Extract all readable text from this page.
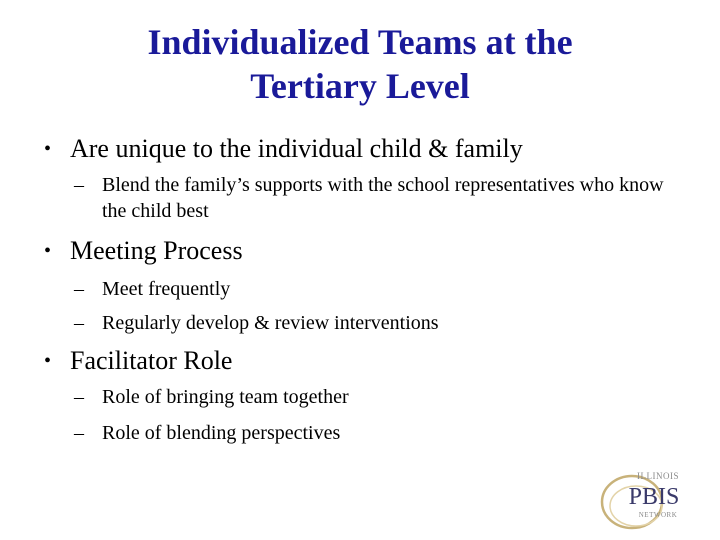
Individualized Teams at the
Tertiary Level
• Are unique to the individual child & family
– Blend the family’s supports with the school representatives who know the child best
• Meeting Process
– Meet frequently
– Regularly develop & review interventions
• Facilitator Role
– Role of bringing team together
– Role of blending perspectives
ILLINOIS
PBIS
NETWORK
